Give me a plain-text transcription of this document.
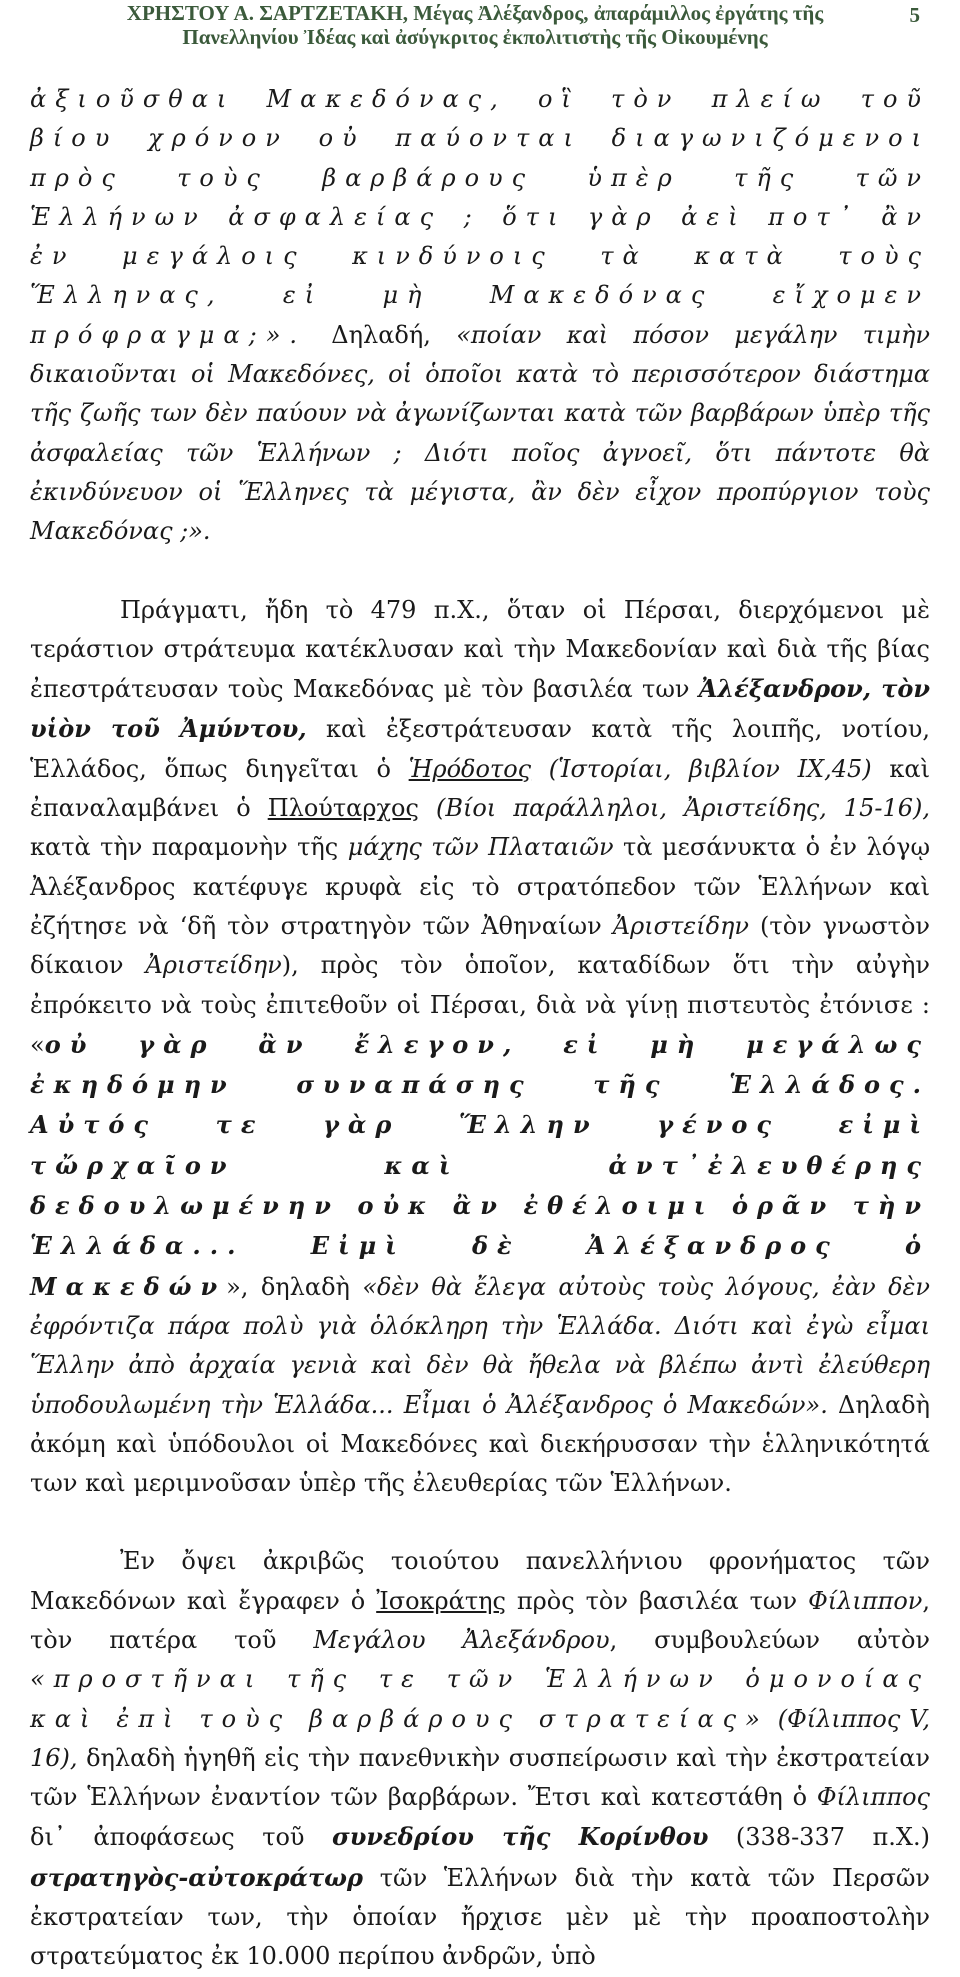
ΧΡΗΣΤΟΥ Α. ΣΑΡΤΖΕΤΑΚΗ, Μέγας Ἀλέξανδρος, ἀπαράμιλλος ἐργάτης τῆς
Πανελληνίου Ἰδέας καὶ ἀσύγκριτος ἐκπολιτιστὴς τῆς Οἰκουμένης
5

ἀξιοῦσθαι Μακεδόνας, οἳ τὸν πλείω τοῦ βίου χρόνον οὐ παύονται διαγωνιζόμενοι πρὸς τοὺς βαρβάρους ὑπὲρ τῆς τῶν Ἑλλήνων ἀσφαλείας ; ὅτι γὰρ ἀεὶ ποτ᾽ ἂν ἐν μεγάλοις κινδύνοις τὰ κατὰ τοὺς Ἕλληνας, εἰ μὴ Μακεδόνας εἴχομεν πρόφραγμα;». Δηλαδή, «ποίαν καὶ πόσον μεγάλην τιμὴν δικαιοῦνται οἱ Μακεδόνες, οἱ ὁποῖοι κατὰ τὸ περισσότερον διάστημα τῆς ζωῆς των δὲν παύουν νὰ ἀγωνίζωνται κατὰ τῶν βαρβάρων ὑπὲρ τῆς ἀσφαλείας τῶν Ἑλλήνων ; Διότι ποῖος ἀγνοεῖ, ὅτι πάντοτε θὰ ἐκινδύνευον οἱ Ἕλληνες τὰ μέγιστα, ἂν δὲν εἶχον προπύργιον τοὺς Μακεδόνας ;».

Πράγματι, ἤδη τὸ 479 π.Χ., ὅταν οἱ Πέρσαι, διερχόμενοι μὲ τεράστιον στράτευμα κατέκλυσαν καὶ τὴν Μακεδονίαν καὶ διὰ τῆς βίας ἐπεστράτευσαν τοὺς Μακεδόνας μὲ τὸν βασιλέα των Ἀλέξανδρον, τὸν υἱὸν τοῦ Ἀμύντου, καὶ ἐξεστράτευσαν κατὰ τῆς λοιπῆς, νοτίου, Ἑλλάδος, ὅπως διηγεῖται ὁ Ἡρόδοτος (Ἱστορίαι, βιβλίον ΙΧ,45) καὶ ἐπαναλαμβάνει ὁ Πλούταρχος (Βίοι παράλληλοι, Ἀριστείδης, 15-16), κατὰ τὴν παραμονὴν τῆς μάχης τῶν Πλαταιῶν τὰ μεσάνυκτα ὁ ἐν λόγῳ Ἀλέξανδρος κατέφυγε κρυφὰ εἰς τὸ στρατόπεδον τῶν Ἑλλήνων καὶ ἐζήτησε νὰ ‘δῆ τὸν στρατηγὸν τῶν Ἀθηναίων Ἀριστείδην (τὸν γνωστὸν δίκαιον Ἀριστείδην), πρὸς τὸν ὁποῖον, καταδίδων ὅτι τὴν αὐγὴν ἐπρόκειτο νὰ τοὺς ἐπιτεθοῦν οἱ Πέρσαι, διὰ νὰ γίνῃ πιστευτὸς ἐτόνισε : «οὐ γὰρ ἂν ἔλεγον, εἰ μὴ μεγάλως ἐκηδόμην συναπάσης τῆς Ἑλλάδος. Αὐτός τε γὰρ Ἕλλην γένος εἰμὶ τὤρχαῖον καὶ ἀντ᾽ἐλευθέρης δεδουλωμένην οὐκ ἂν ἐθέλοιμι ὁρᾶν τὴν Ἑλλάδα... Εἰμὶ δὲ Ἀλέξανδρος ὁ Μακεδών», δηλαδὴ «δὲν θὰ ἔλεγα αὐτοὺς τοὺς λόγους, ἐὰν δὲν ἐφρόντιζα πάρα πολὺ γιὰ ὁλόκληρη τὴν Ἑλλάδα. Διότι καὶ ἐγὼ εἶμαι Ἕλλην ἀπὸ ἀρχαία γενιὰ καὶ δὲν θὰ ἤθελα νὰ βλέπω ἀντὶ ἐλεύθερη ὑποδουλωμένη τὴν Ἑλλάδα... Εἶμαι ὁ Ἀλέξανδρος ὁ Μακεδών». Δηλαδὴ ἀκόμη καὶ ὑπόδουλοι οἱ Μακεδόνες καὶ διεκήρυσσαν τὴν ἑλληνικότητά των καὶ μεριμνοῦσαν ὑπὲρ τῆς ἐλευθερίας τῶν Ἑλλήνων.

Ἐν ὄψει ἀκριβῶς τοιούτου πανελλήνιου φρονήματος τῶν Μακεδόνων καὶ ἔγραφεν ὁ Ἰσοκράτης πρὸς τὸν βασιλέα των Φίλιππον, τὸν πατέρα τοῦ Μεγάλου Ἀλεξάνδρου, συμβουλεύων αὐτὸν «προστῆναι τῆς τε τῶν Ἑλλήνων ὁμονοίας καὶ ἐπὶ τοὺς βαρβάρους στρατείας» (Φίλιππος V, 16), δηλαδὴ ἡγηθῆ εἰς τὴν πανεθνικὴν συσπείρωσιν καὶ τὴν ἐκστρατείαν τῶν Ἑλλήνων ἐναντίον τῶν βαρβάρων. Ἔτσι καὶ κατεστάθη ὁ Φίλιππος δι᾽ ἀποφάσεως τοῦ συνεδρίου τῆς Κορίνθου (338-337 π.Χ.) στρατηγὸς-αὐτοκράτωρ τῶν Ἑλλήνων διὰ τὴν κατὰ τῶν Περσῶν ἐκστρατείαν των, τὴν ὁποίαν ἤρχισε μὲν μὲ τὴν προαποστολὴν στρατεύματος ἐκ 10.000 περίπου ἀνδρῶν, ὑπὸ
